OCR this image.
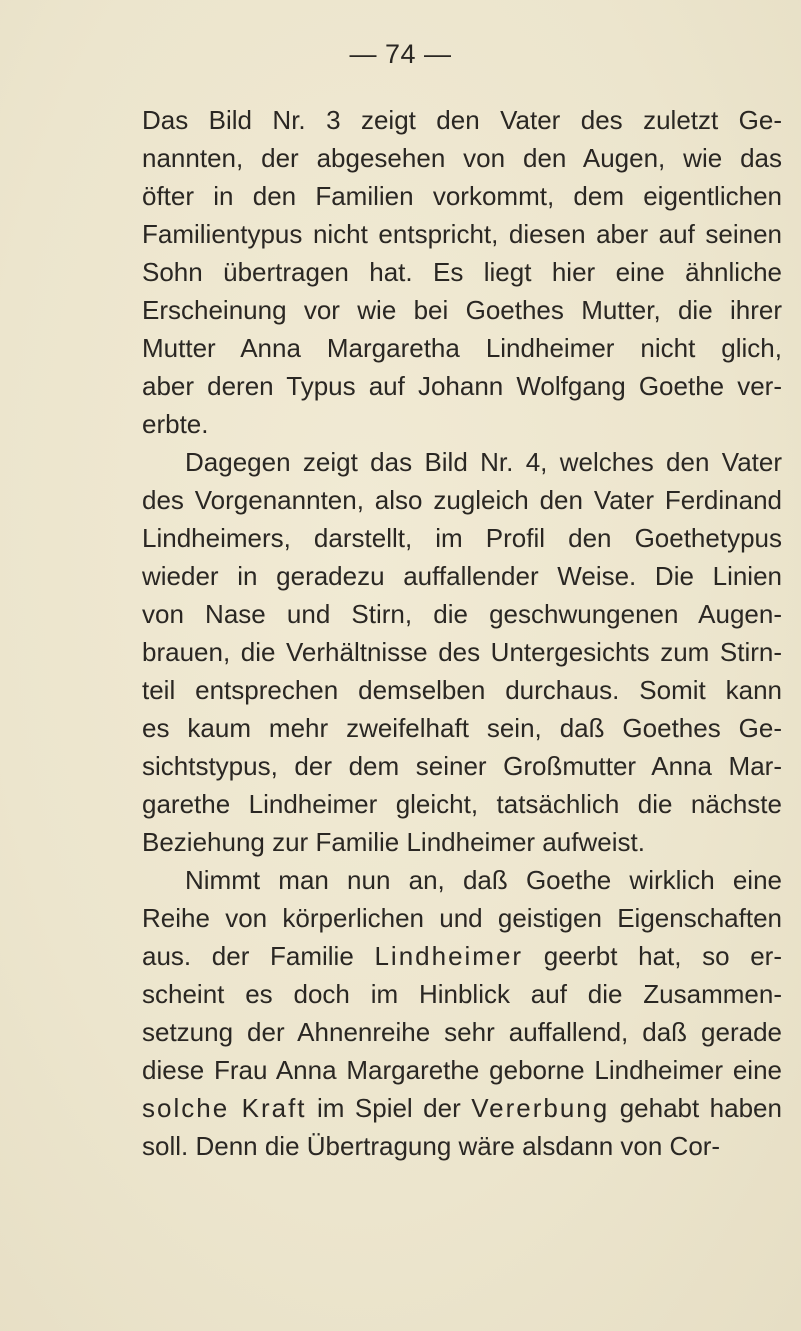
— 74 —
Das Bild Nr. 3 zeigt den Vater des zuletzt Ge-
nannten, der abgesehen von den Augen, wie das
öfter in den Familien vorkommt, dem eigentlichen
Familientypus nicht entspricht, diesen aber auf seinen
Sohn übertragen hat. Es liegt hier eine ähnliche
Erscheinung vor wie bei Goethes Mutter, die ihrer
Mutter Anna Margaretha Lindheimer nicht glich,
aber deren Typus auf Johann Wolfgang Goethe ver-
erbte.
Dagegen zeigt das Bild Nr. 4, welches den Vater
des Vorgenannten, also zugleich den Vater Ferdinand
Lindheimers, darstellt, im Profil den Goethetypus
wieder in geradezu auffallender Weise. Die Linien
von Nase und Stirn, die geschwungenen Augen-
brauen, die Verhältnisse des Untergesichts zum Stirn-
teil entsprechen demselben durchaus. Somit kann
es kaum mehr zweifelhaft sein, daß Goethes Ge-
sichtstypus, der dem seiner Großmutter Anna Mar-
garethe Lindheimer gleicht, tatsächlich die nächste
Beziehung zur Familie Lindheimer aufweist.
Nimmt man nun an, daß Goethe wirklich eine
Reihe von körperlichen und geistigen Eigenschaften
aus. der Familie Lindheimer geerbt hat, so er-
scheint es doch im Hinblick auf die Zusammen-
setzung der Ahnenreihe sehr auffallend, daß gerade
diese Frau Anna Margarethe geborne Lindheimer eine
solche Kraft im Spiel der Vererbung gehabt haben
soll. Denn die Übertragung wäre alsdann von Cor-
